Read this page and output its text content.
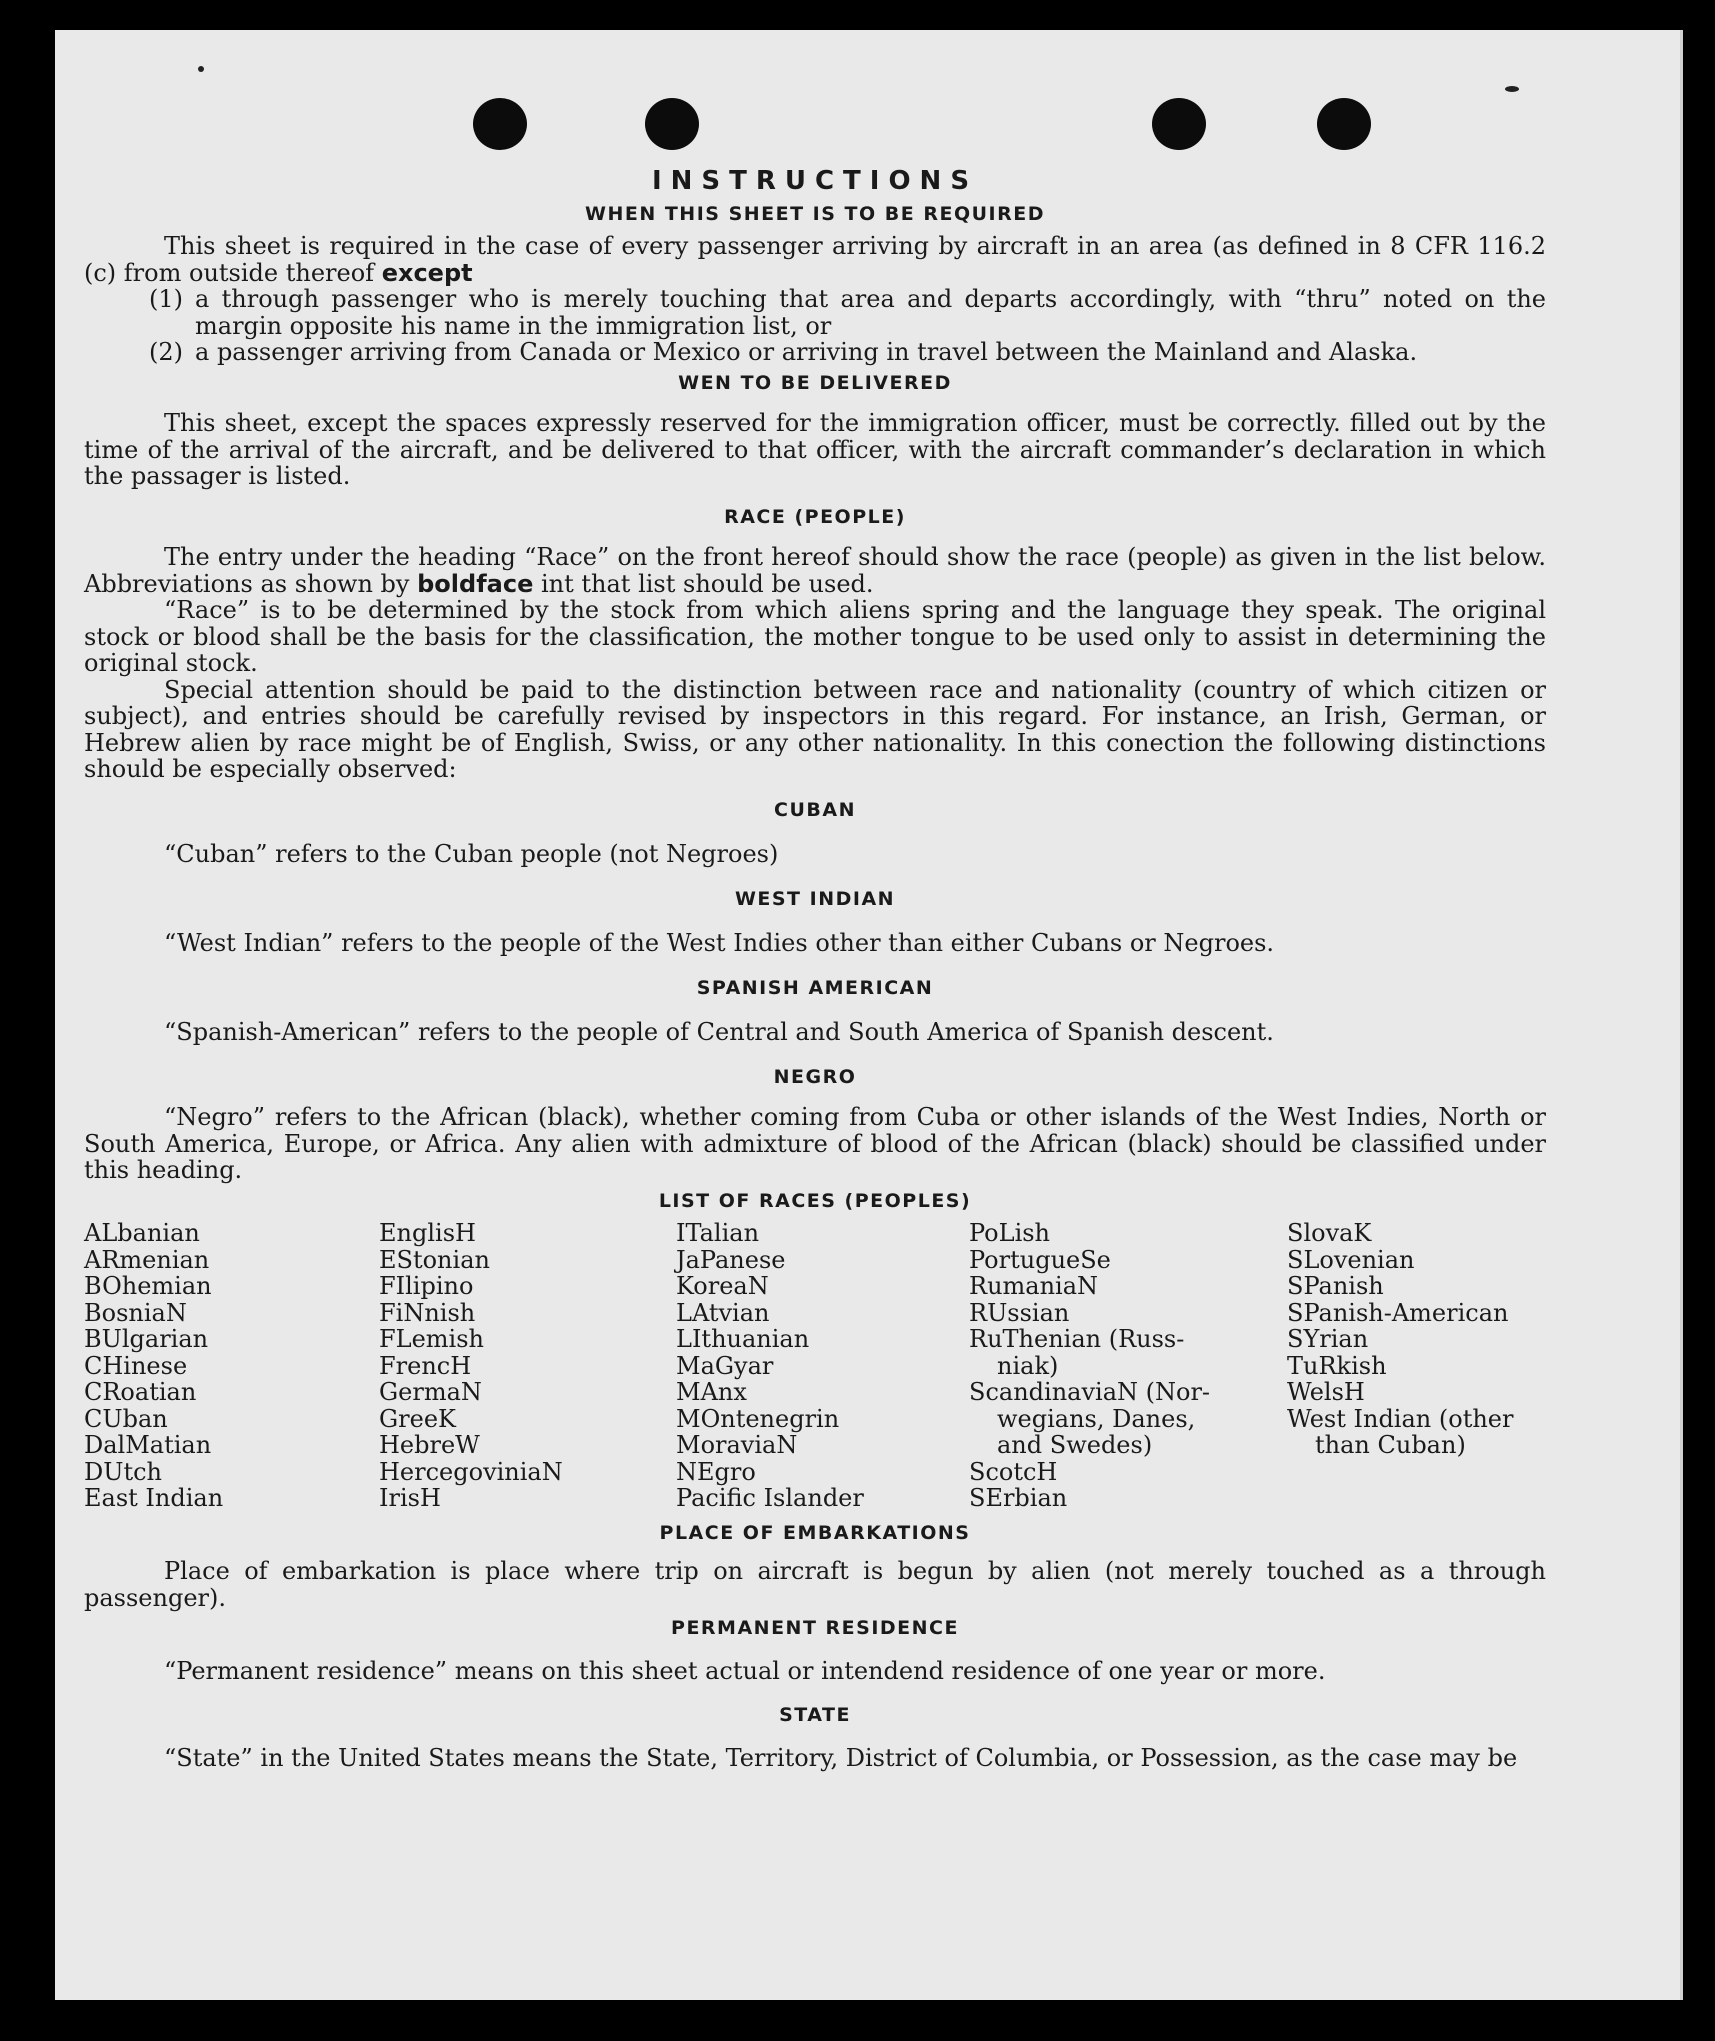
INSTRUCTIONS
WHEN THIS SHEET IS TO BE REQUIRED

This sheet is required in the case of every passenger arriving by aircraft in an area (as defined in 8 CFR 116.2 (c) from outside thereof except

(1) a through passenger who is merely touching that area and departs accordingly, with “thru” noted on the margin opposite his name in the immigration list, or
(2) a passenger arriving from Canada or Mexico or arriving in travel between the Mainland and Alaska.
WEN TO BE DELIVERED

This sheet, except the spaces expressly reserved for the immigration officer, must be correctly. filled out by the time of the arrival of the aircraft, and be delivered to that officer, with the aircraft commander’s declaration in which the passager is listed.

RACE (PEOPLE)

The entry under the heading “Race” on the front hereof should show the race (people) as given in the list below. Abbreviations as shown by boldface int that list should be used.

“Race” is to be determined by the stock from which aliens spring and the language they speak. The original stock or blood shall be the basis for the classification, the mother tongue to be used only to assist in determining the original stock.

Special attention should be paid to the distinction between race and nationality (country of which citizen or subject), and entries should be carefully revised by inspectors in this regard. For instance, an Irish, German, or Hebrew alien by race might be of English, Swiss, or any other nationality. In this conection the following distinctions should be especially observed:

CUBAN

“Cuban” refers to the Cuban people (not Negroes)

WEST INDIAN

“West Indian” refers to the people of the West Indies other than either Cubans or Negroes.

SPANISH AMERICAN

“Spanish-American” refers to the people of Central and South America of Spanish descent.

NEGRO

“Negro” refers to the African (black), whether coming from Cuba or other islands of the West Indies, North or South America, Europe, or Africa. Any alien with admixture of blood of the African (black) should be classified under this heading.

LIST OF RACES (PEOPLES)
ALbanian
ARmenian
BOhemian
BosniaN
BUlgarian
CHinese
CRoatian
CUban
DalMatian
DUtch
East Indian
EnglisH
EStonian
FIlipino
FiNnish
FLemish
FrencH
GermaN
GreeK
HebreW
HercegoviniaN
IrisH
ITalian
JaPanese
KoreaN
LAtvian
LIthuanian
MaGyar
MAnx
MOntenegrin
MoraviaN
NEgro
Pacific Islander
PoLish
PortugueSe
RumaniaN
RUssian
RuThenian (Russ-
niak)
ScandinaviaN (Nor-
wegians, Danes,
and Swedes)
ScotcH
SErbian
SlovaK
SLovenian
SPanish
SPanish-American
SYrian
TuRkish
WelsH
West Indian (other
than Cuban)
PLACE OF EMBARKATIONS

Place of embarkation is place where trip on aircraft is begun by alien (not merely touched as a through passenger).

PERMANENT RESIDENCE

“Permanent residence” means on this sheet actual or intendend residence of one year or more.

STATE

“State” in the United States means the State, Territory, District of Columbia, or Possession, as the case may be
